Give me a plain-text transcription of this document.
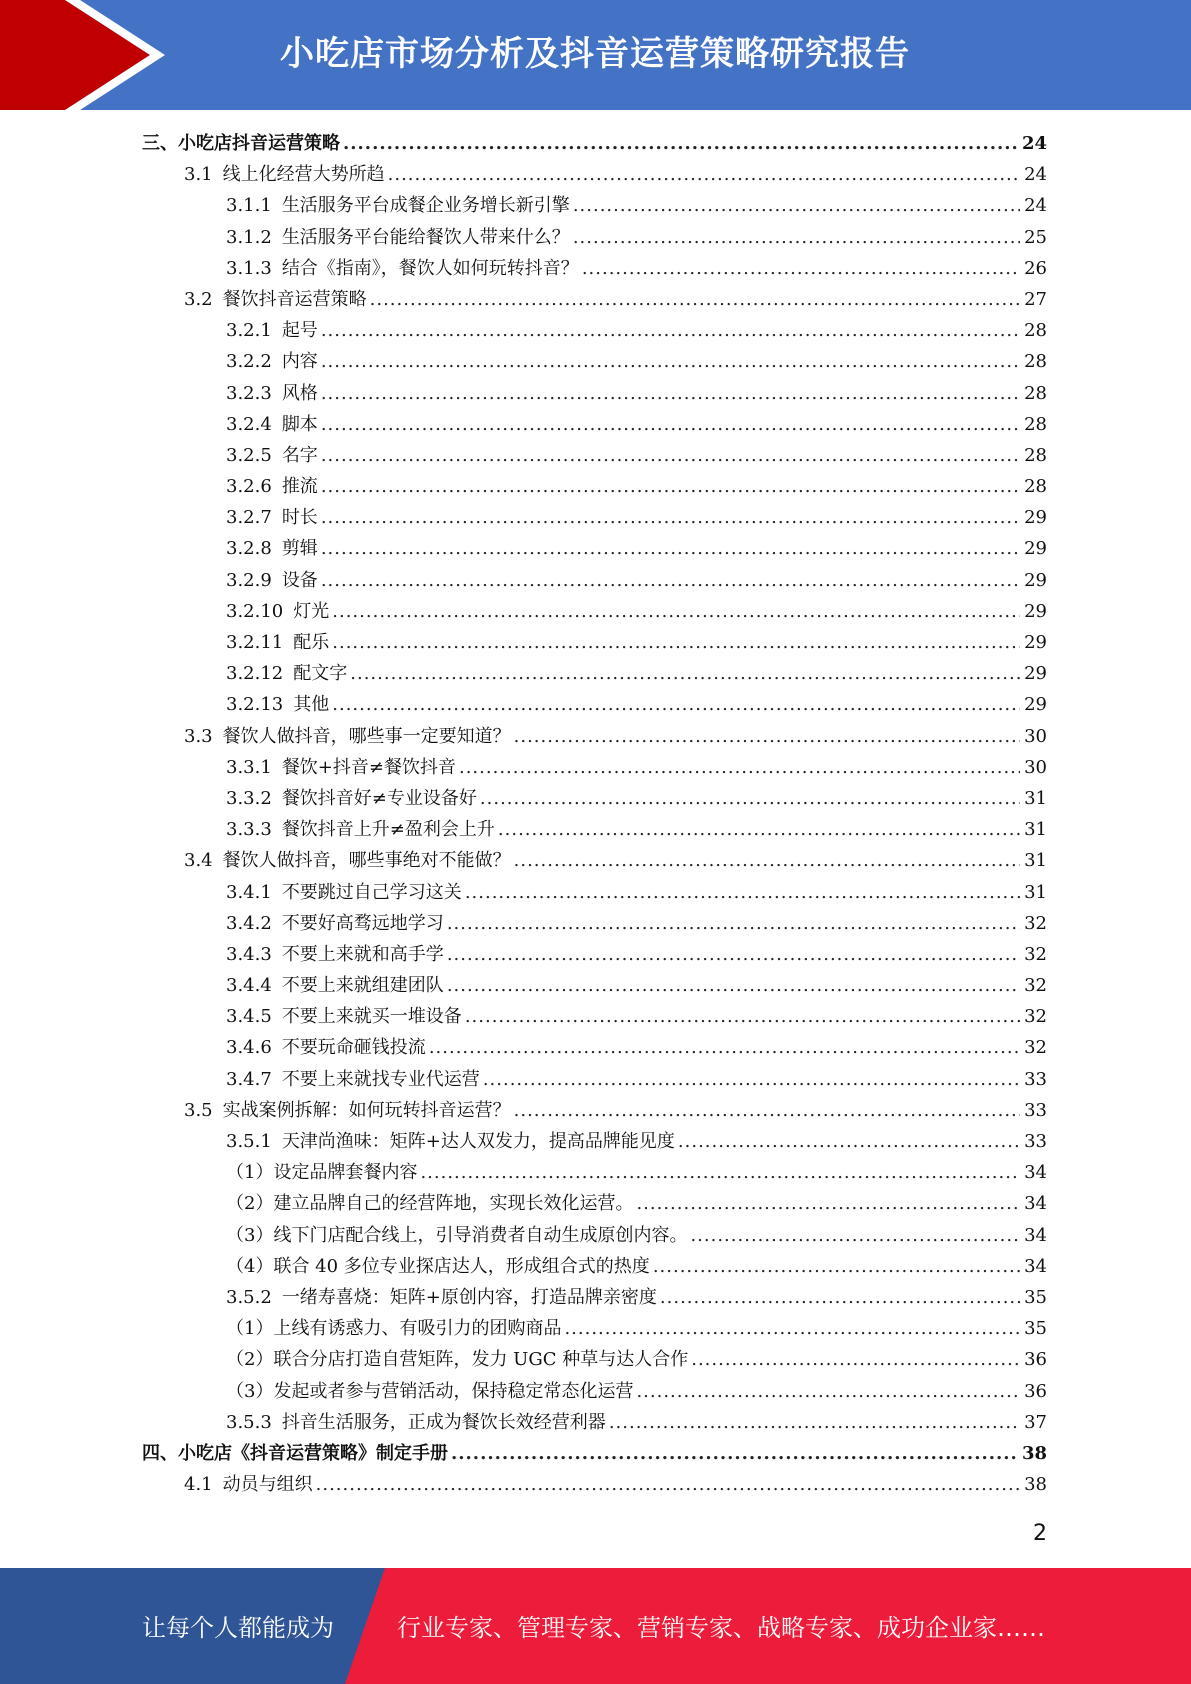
小吃店市场分析及抖音运营策略研究报告
三、 小吃店抖音运营策略 .....	24
3.1 线上化经营大势所趋 .....	24
3.1.1 生活服务平台成餐企业务增长新引擎 .....	24
3.1.2 生活服务平台能给餐饮人带来什么？ .....	25
3.1.3 结合《指南》，餐饮人如何玩转抖音？ .....	26
3.2 餐饮抖音运营策略 .....	27
3.2.1 起号 .....	28
3.2.2 内容 .....	28
3.2.3 风格 .....	28
3.2.4 脚本 .....	28
3.2.5 名字 .....	28
3.2.6 推流 .....	28
3.2.7 时长 .....	29
3.2.8 剪辑 .....	29
3.2.9 设备 .....	29
3.2.10 灯光 .....	29
3.2.11 配乐 .....	29
3.2.12 配文字 .....	29
3.2.13 其他 .....	29
3.3 餐饮人做抖音，哪些事一定要知道？ .....	30
3.3.1 餐饮+抖音≠餐饮抖音 .....	30
3.3.2 餐饮抖音好≠专业设备好 .....	31
3.3.3 餐饮抖音上升≠盈利会上升 .....	31
3.4 餐饮人做抖音，哪些事绝对不能做？ .....	31
3.4.1 不要跳过自己学习这关 .....	31
3.4.2 不要好高骛远地学习 .....	32
3.4.3 不要上来就和高手学 .....	32
3.4.4 不要上来就组建团队 .....	32
3.4.5 不要上来就买一堆设备 .....	32
3.4.6 不要玩命砸钱投流 .....	32
3.4.7 不要上来就找专业代运营 .....	33
3.5 实战案例拆解：如何玩转抖音运营？ .....	33
3.5.1 天津尚渔味：矩阵+达人双发力，提高品牌能见度 .....	33
（1）设定品牌套餐内容 .....	34
（2）建立品牌自己的经营阵地，实现长效化运营。 .....	34
（3）线下门店配合线上，引导消费者自动生成原创内容。 .....	34
（4）联合 40 多位专业探店达人，形成组合式的热度 .....	34
3.5.2 一绪寿喜烧：矩阵+原创内容，打造品牌亲密度 .....	35
（1）上线有诱惑力、有吸引力的团购商品 .....	35
（2）联合分店打造自营矩阵，发力 UGC 种草与达人合作 .....	36
（3）发起或者参与营销活动，保持稳定常态化运营 .....	36
3.5.3 抖音生活服务，正成为餐饮长效经营利器 .....	37
四、 小吃店《抖音运营策略》制定手册 .....	38
4.1 动员与组织 .....	38
2
让每个人都能成为	行业专家、管理专家、营销专家、战略专家、成功企业家……
